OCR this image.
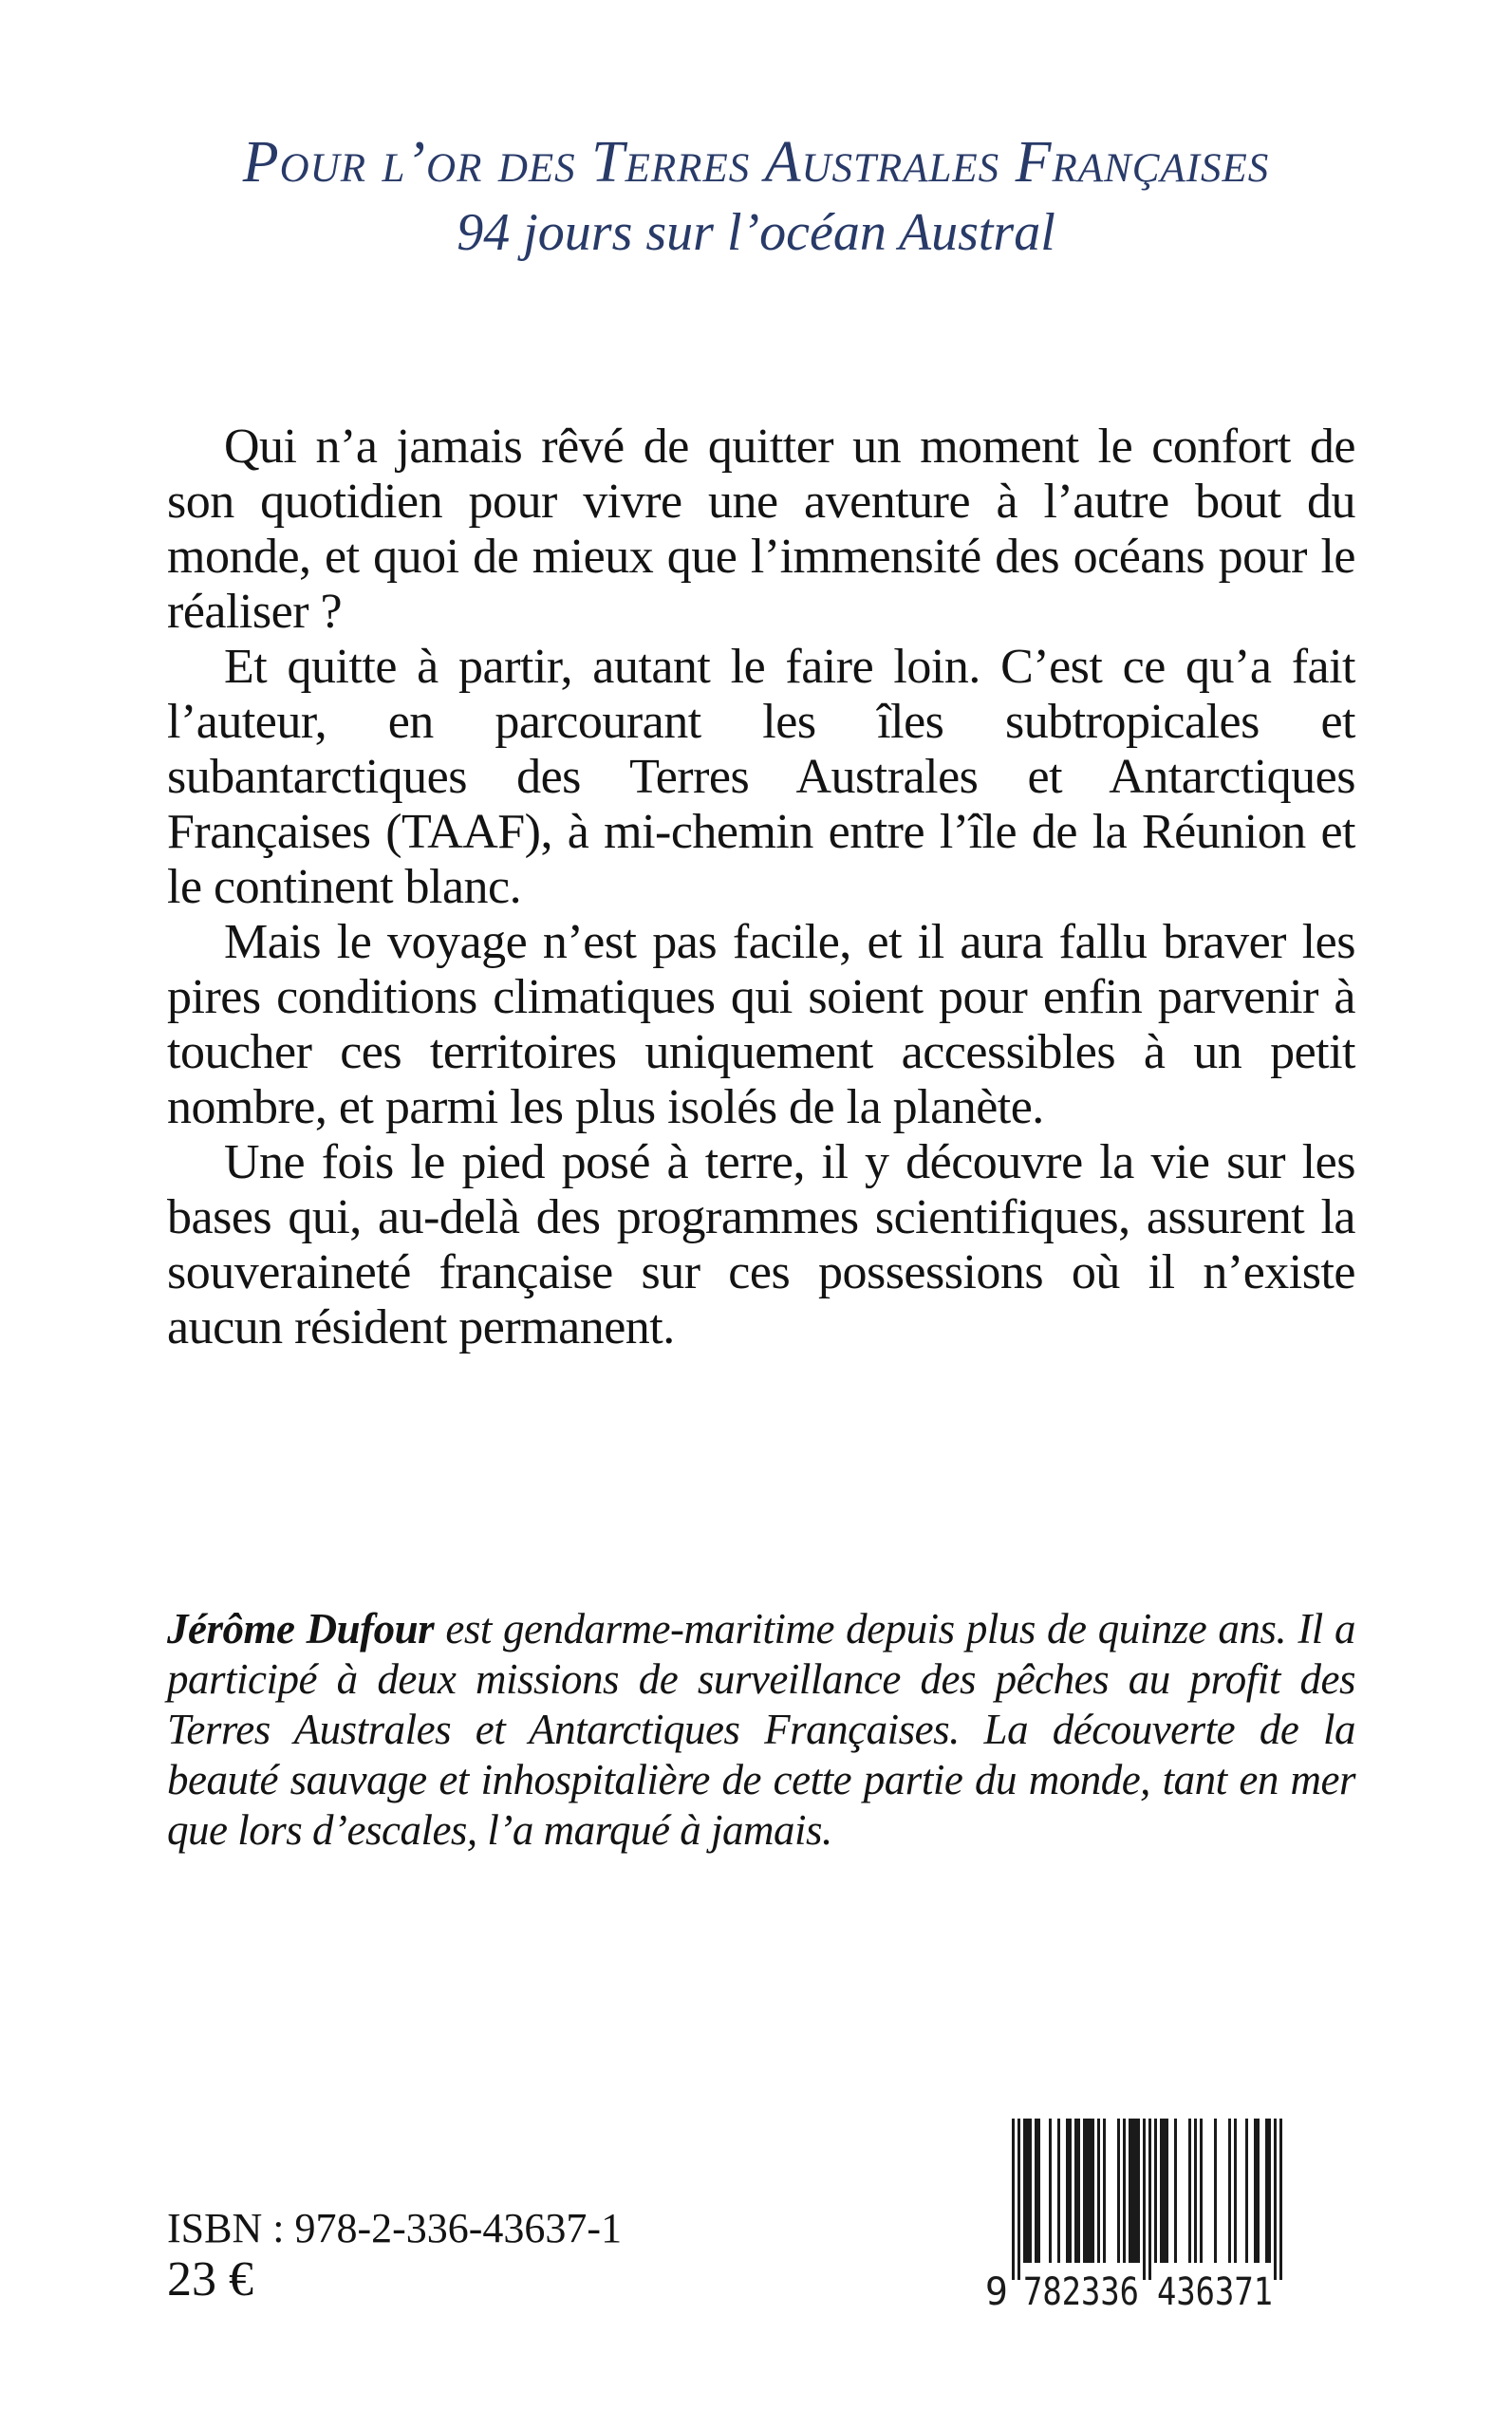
Pour l’or des Terres Australes Françaises
94 jours sur l’océan Austral

Qui n’a jamais rêvé de quitter un moment le confort de son quotidien pour vivre une aventure à l’autre bout du monde, et quoi de mieux que l’immensité des océans pour le réaliser ?

Et quitte à partir, autant le faire loin. C’est ce qu’a fait l’auteur, en parcourant les îles subtropicales et subantarctiques des Terres Australes et Antarctiques Françaises (TAAF), à mi-chemin entre l’île de la Réunion et le continent blanc.

Mais le voyage n’est pas facile, et il aura fallu braver les pires conditions climatiques qui soient pour enfin parvenir à toucher ces territoires uniquement accessibles à un petit nombre, et parmi les plus isolés de la planète.

Une fois le pied posé à terre, il y découvre la vie sur les bases qui, au-delà des programmes scientifiques, assurent la souveraineté française sur ces possessions où il n’existe aucun résident permanent.

Jérôme Dufour est gendarme-maritime depuis plus de quinze ans. Il a participé à deux missions de surveillance des pêches au profit des Terres Australes et Antarctiques Françaises. La découverte de la beauté sauvage et inhospitalière de cette partie du monde, tant en mer que lors d’escales, l’a marqué à jamais.

ISBN : 978-2-336-43637-1
23 €	9 782336 436371
